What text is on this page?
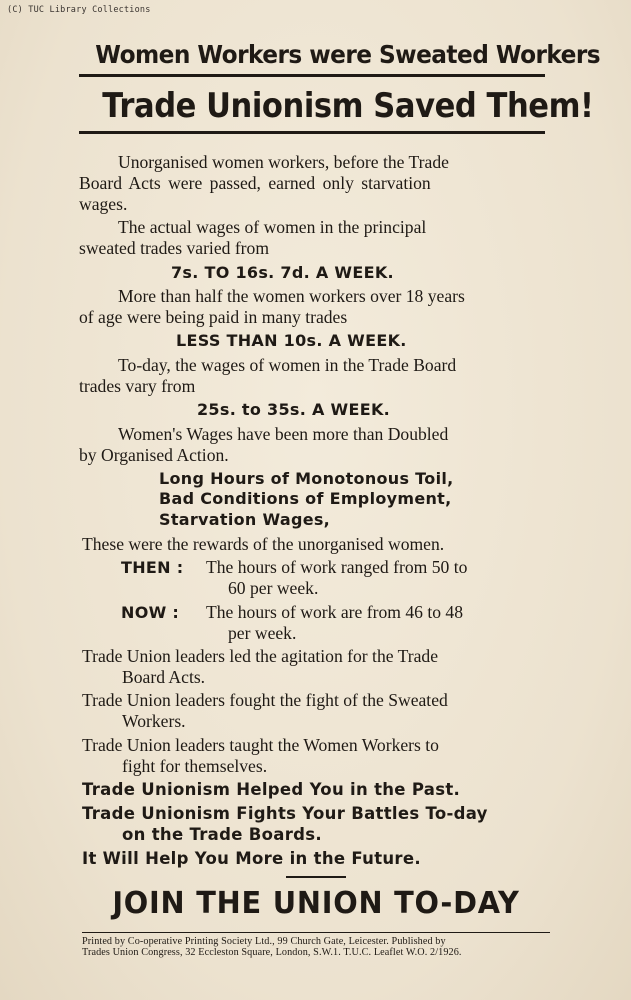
(C) TUC Library Collections
Women Workers were Sweated Workers
Trade Unionism Saved Them!
Unorganised women workers, before the Trade
Board Acts were passed, earned only starvation
wages.
The actual wages of women in the principal
sweated trades varied from
7s. TO 16s. 7d. A WEEK.
More than half the women workers over 18 years
of age were being paid in many trades
LESS THAN 10s. A WEEK.
To-day, the wages of women in the Trade Board
trades vary from
25s. to 35s. A WEEK.
Women's Wages have been more than Doubled
by Organised Action.
Long Hours of Monotonous Toil,
Bad Conditions of Employment,
Starvation Wages,
These were the rewards of the unorganised women.
THEN : The hours of work ranged from 50 to
60 per week.
NOW : The hours of work are from 46 to 48
per week.
Trade Union leaders led the agitation for the Trade
Board Acts.
Trade Union leaders fought the fight of the Sweated
Workers.
Trade Union leaders taught the Women Workers to
fight for themselves.
Trade Unionism Helped You in the Past.
Trade Unionism Fights Your Battles To-day
on the Trade Boards.
It Will Help You More in the Future.
JOIN THE UNION TO-DAY
Printed by Co-operative Printing Society Ltd., 99 Church Gate, Leicester. Published by
Trades Union Congress, 32 Eccleston Square, London, S.W.1. T.U.C. Leaflet W.O. 2/1926.
